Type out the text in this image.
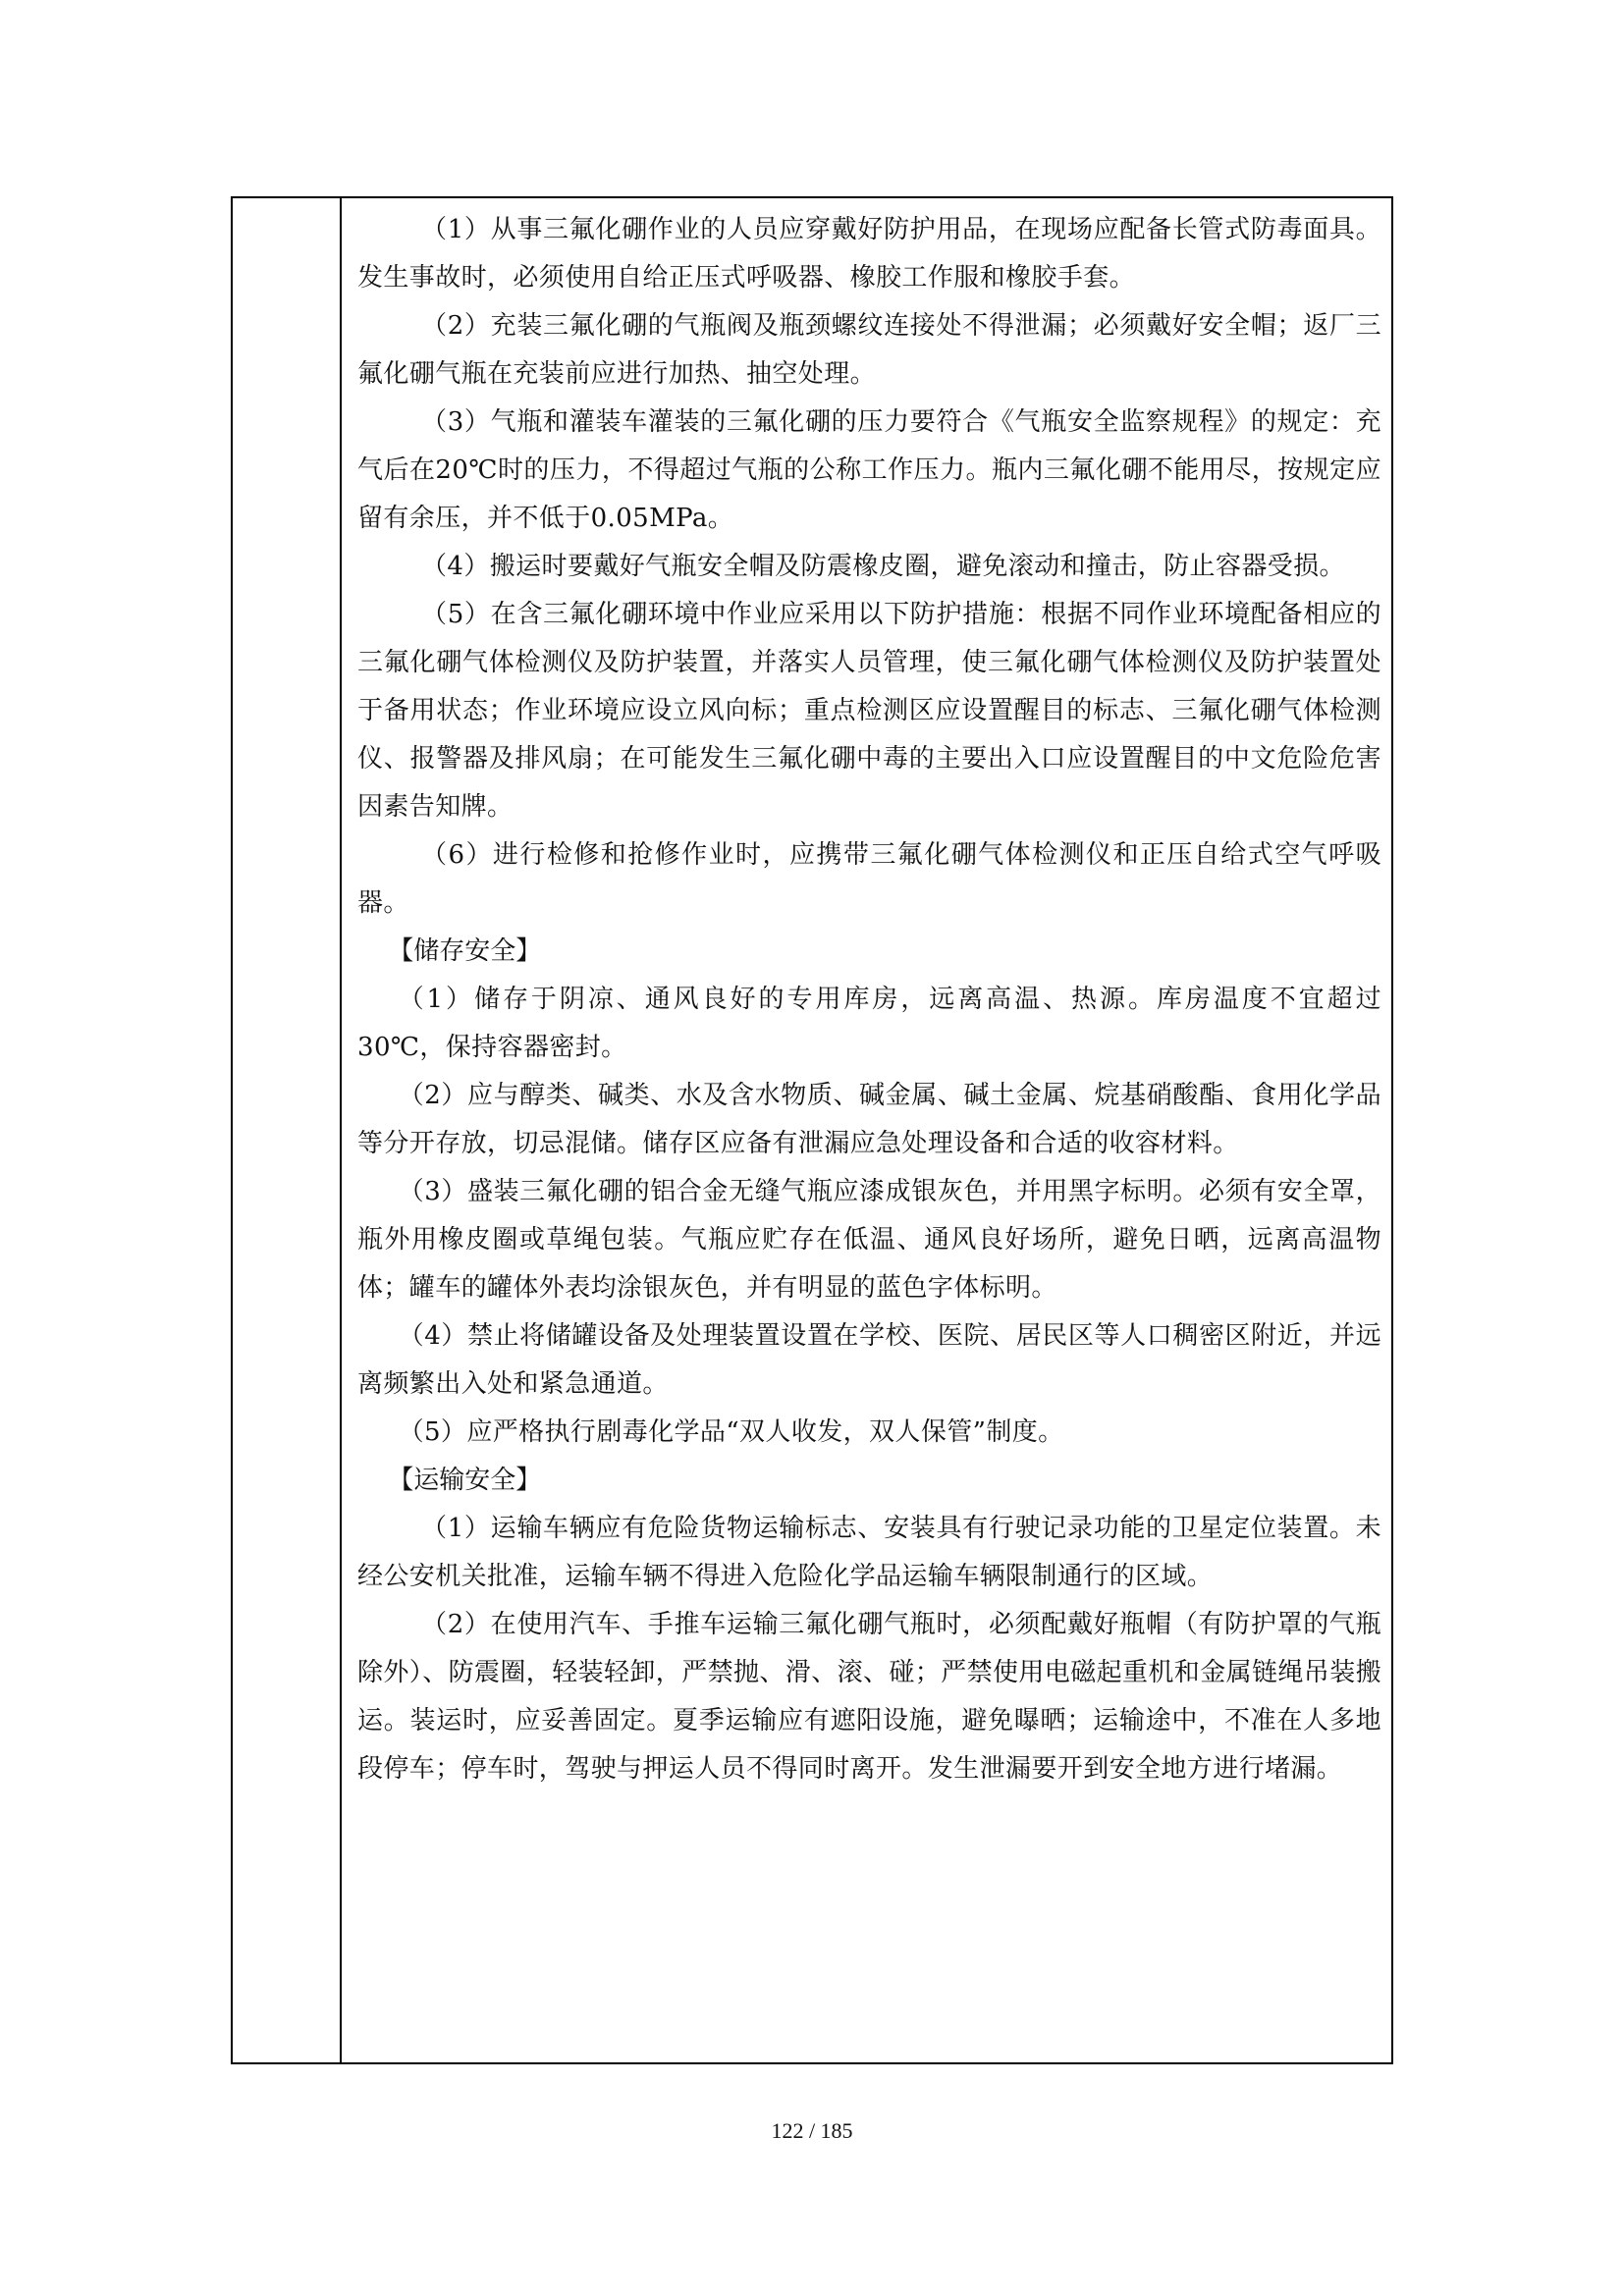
（1）从事三氟化硼作业的人员应穿戴好防护用品，在现场应配备长管式防毒面具。发生事故时，必须使用自给正压式呼吸器、橡胶工作服和橡胶手套。

（2）充装三氟化硼的气瓶阀及瓶颈螺纹连接处不得泄漏；必须戴好安全帽；返厂三氟化硼气瓶在充装前应进行加热、抽空处理。

（3）气瓶和灌装车灌装的三氟化硼的压力要符合《气瓶安全监察规程》的规定：充气后在20℃时的压力，不得超过气瓶的公称工作压力。瓶内三氟化硼不能用尽，按规定应留有余压，并不低于0.05MPa。

（4）搬运时要戴好气瓶安全帽及防震橡皮圈，避免滚动和撞击，防止容器受损。

（5）在含三氟化硼环境中作业应采用以下防护措施：根据不同作业环境配备相应的三氟化硼气体检测仪及防护装置，并落实人员管理，使三氟化硼气体检测仪及防护装置处于备用状态；作业环境应设立风向标；重点检测区应设置醒目的标志、三氟化硼气体检测仪、报警器及排风扇；在可能发生三氟化硼中毒的主要出入口应设置醒目的中文危险危害因素告知牌。

（6）进行检修和抢修作业时，应携带三氟化硼气体检测仪和正压自给式空气呼吸器。

【储存安全】

（1）储存于阴凉、通风良好的专用库房，远离高温、热源。库房温度不宜超过30℃，保持容器密封。

（2）应与醇类、碱类、水及含水物质、碱金属、碱土金属、烷基硝酸酯、食用化学品等分开存放，切忌混储。储存区应备有泄漏应急处理设备和合适的收容材料。

（3）盛装三氟化硼的铝合金无缝气瓶应漆成银灰色，并用黑字标明。必须有安全罩，瓶外用橡皮圈或草绳包装。气瓶应贮存在低温、通风良好场所，避免日晒，远离高温物体；罐车的罐体外表均涂银灰色，并有明显的蓝色字体标明。

（4）禁止将储罐设备及处理装置设置在学校、医院、居民区等人口稠密区附近，并远离频繁出入处和紧急通道。

（5）应严格执行剧毒化学品“双人收发，双人保管”制度。

【运输安全】

（1）运输车辆应有危险货物运输标志、安装具有行驶记录功能的卫星定位装置。未经公安机关批准，运输车辆不得进入危险化学品运输车辆限制通行的区域。

（2）在使用汽车、手推车运输三氟化硼气瓶时，必须配戴好瓶帽（有防护罩的气瓶除外）、防震圈，轻装轻卸，严禁抛、滑、滚、碰；严禁使用电磁起重机和金属链绳吊装搬运。装运时，应妥善固定。夏季运输应有遮阳设施，避免曝晒；运输途中，不准在人多地段停车；停车时，驾驶与押运人员不得同时离开。发生泄漏要开到安全地方进行堵漏。

122 / 185
